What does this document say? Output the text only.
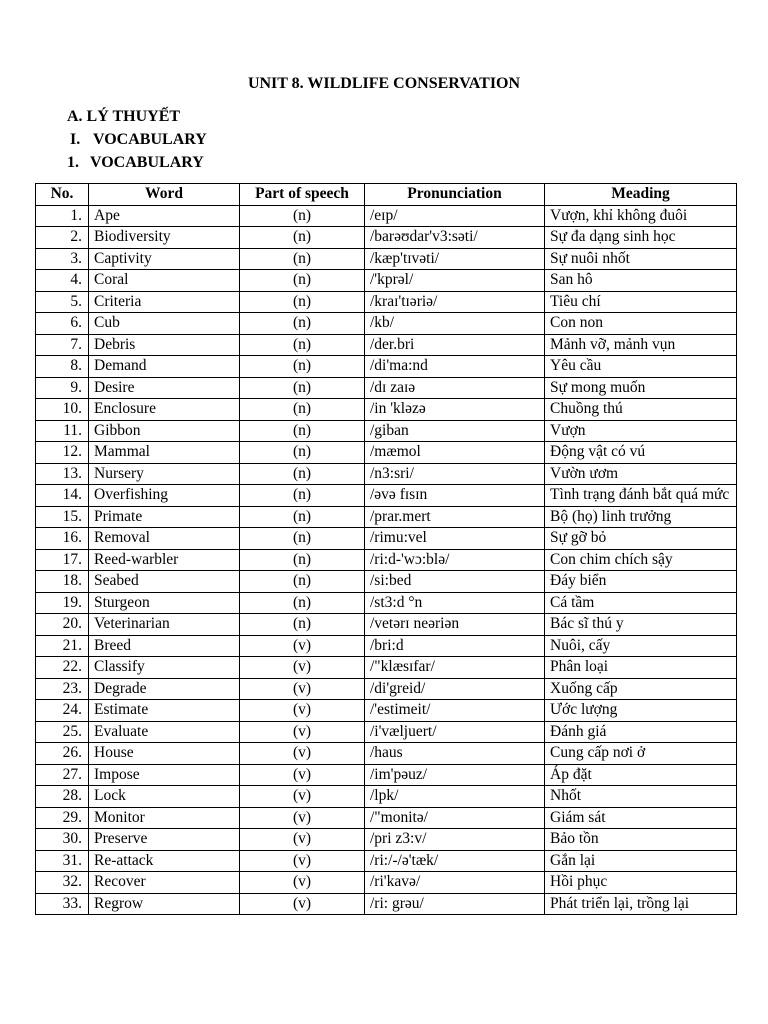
UNIT 8. WILDLIFE CONSERVATION
A. LÝ THUYẾT
I. VOCABULARY
1. VOCABULARY
No.	Word	Part of speech	Pronunciation	Meading
1.	Ape	(n)	/eɪp/	Vượn, khỉ không đuôi
2.	Biodiversity	(n)	/barəʊdar'v3:səti/	Sự đa dạng sinh học
3.	Captivity	(n)	/kæp'tɪvəti/	Sự nuôi nhốt
4.	Coral	(n)	/'kprəl/	San hô
5.	Criteria	(n)	/kraɪ'tɪəriə/	Tiêu chí
6.	Cub	(n)	/kb/	Con non
7.	Debris	(n)	/der.bri	Mảnh vỡ, mảnh vụn
8.	Demand	(n)	/di'ma:nd	Yêu cầu
9.	Desire	(n)	/dɪ zaɪə	Sự mong muốn
10.	Enclosure	(n)	/in 'kləzə	Chuồng thú
11.	Gibbon	(n)	/giban	Vượn
12.	Mammal	(n)	/mæmol	Động vật có vú
13.	Nursery	(n)	/n3:sri/	Vườn ươm
14.	Overfishing	(n)	/əvə fɪsɪn	Tình trạng đánh bắt quá mức
15.	Primate	(n)	/prar.mert	Bộ (họ) linh trưởng
16.	Removal	(n)	/rimu:vel	Sự gỡ bỏ
17.	Reed-warbler	(n)	/ri:d-'wɔ:blə/	Con chim chích sậy
18.	Seabed	(n)	/si:bed	Đáy biển
19.	Sturgeon	(n)	/st3:d °n	Cá tầm
20.	Veterinarian	(n)	/vetərɪ neəriən	Bác sĩ thú y
21.	Breed	(v)	/bri:d	Nuôi, cấy
22.	Classify	(v)	/"klæsɪfar/	Phân loại
23.	Degrade	(v)	/di'greid/	Xuống cấp
24.	Estimate	(v)	/'estimeit/	Ước lượng
25.	Evaluate	(v)	/i'væljuert/	Đánh giá
26.	House	(v)	/haus	Cung cấp nơi ở
27.	Impose	(v)	/im'pəuz/	Áp đặt
28.	Lock	(v)	/lpk/	Nhốt
29.	Monitor	(v)	/"monitə/	Giám sát
30.	Preserve	(v)	/pri z3:v/	Bảo tồn
31.	Re-attack	(v)	/ri:/-/ə'tæk/	Gắn lại
32.	Recover	(v)	/ri'kavə/	Hồi phục
33.	Regrow	(v)	/ri: grəu/	Phát triển lại, trồng lại
